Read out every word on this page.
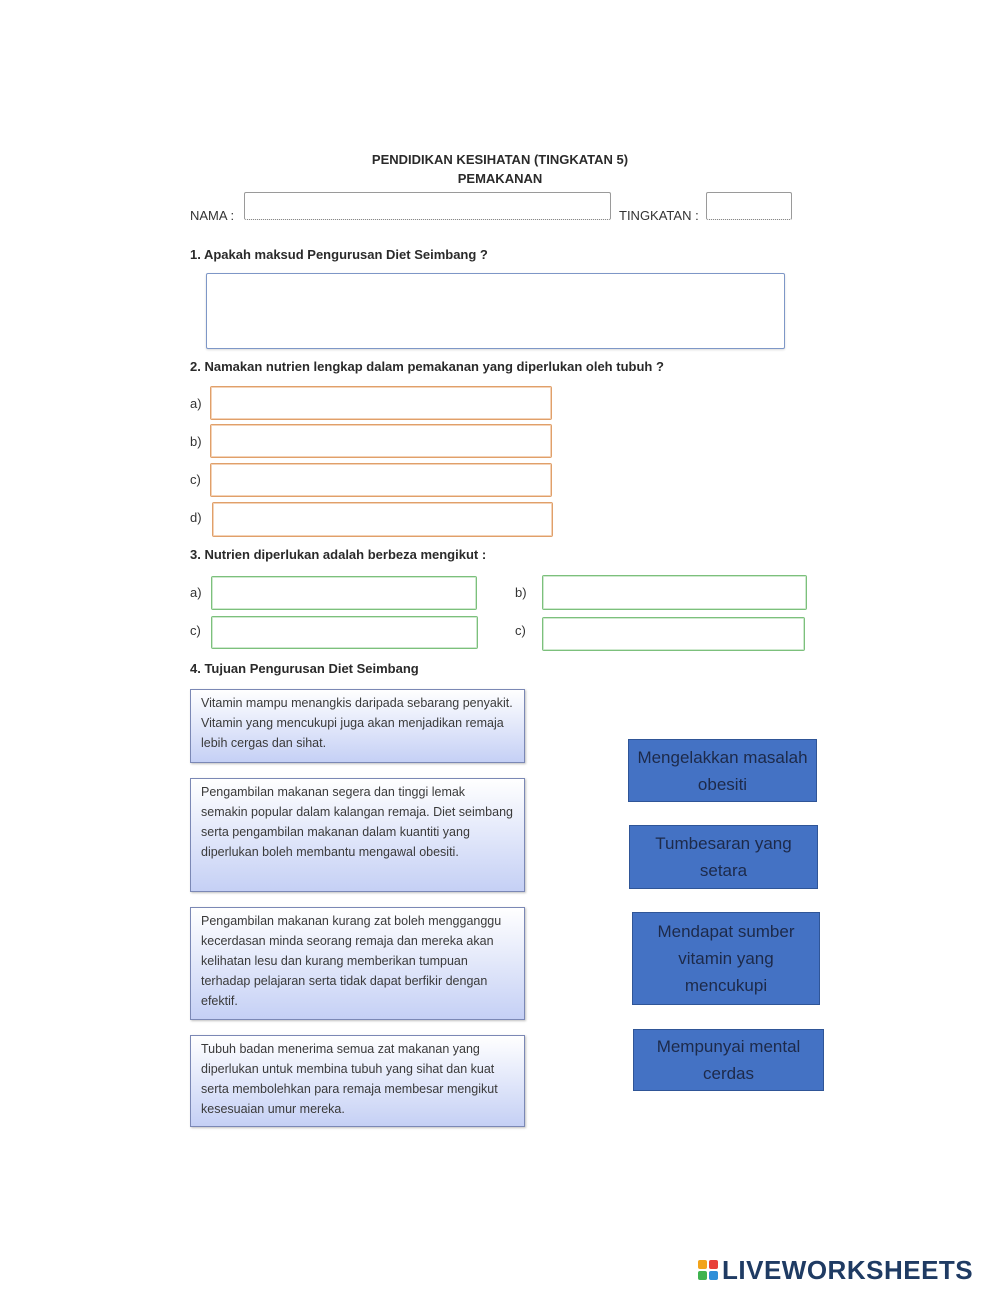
PENDIDIKAN KESIHATAN (TINGKATAN 5)
PEMAKANAN
NAMA :	TINGKATAN :
1. Apakah maksud Pengurusan Diet Seimbang ?
2. Namakan nutrien lengkap dalam pemakanan yang diperlukan oleh tubuh ?
a)
b)
c)
d)
3. Nutrien diperlukan adalah berbeza mengikut :
a)	b)
c)	c)
4. Tujuan Pengurusan Diet Seimbang
Vitamin mampu menangkis daripada sebarang penyakit. Vitamin yang mencukupi juga akan menjadikan remaja lebih cergas dan sihat.
Pengambilan makanan segera dan tinggi lemak semakin popular dalam kalangan remaja. Diet seimbang serta pengambilan makanan dalam kuantiti yang diperlukan boleh membantu mengawal obesiti.
Pengambilan makanan kurang zat boleh mengganggu kecerdasan minda seorang remaja dan mereka akan kelihatan lesu dan kurang memberikan tumpuan terhadap pelajaran serta tidak dapat berfikir dengan efektif.
Tubuh badan menerima semua zat makanan yang diperlukan untuk membina tubuh yang sihat dan kuat serta membolehkan para remaja membesar mengikut kesesuaian umur mereka.
Mengelakkan masalah obesiti
Tumbesaran yang setara
Mendapat sumber vitamin yang mencukupi
Mempunyai mental cerdas
LIVEWORKSHEETS
